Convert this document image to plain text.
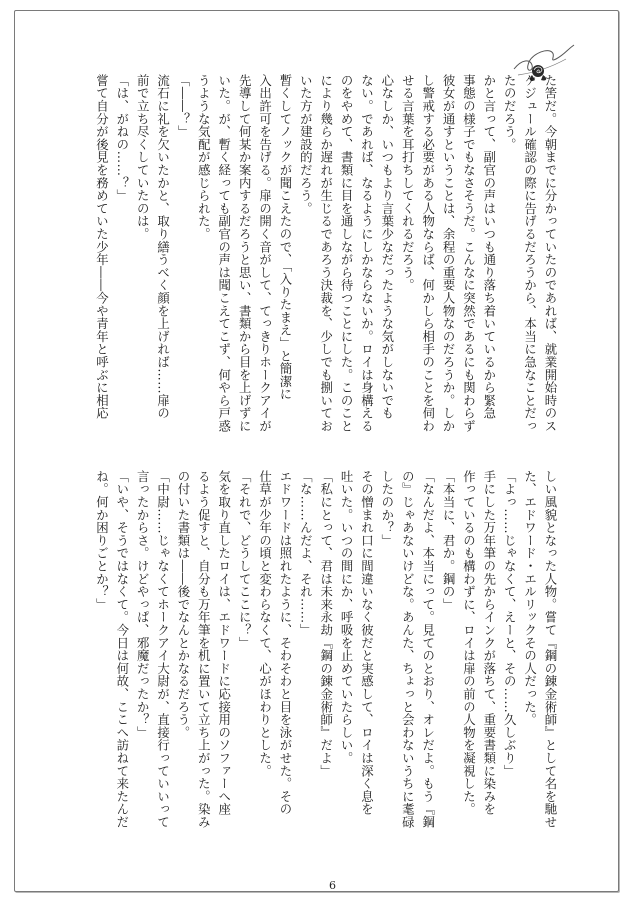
6
た筈だ。今朝までに分かっていたのであれば、就業開始時のス
ケジュール確認の際に告げるだろうから、本当に急なことだっ
たのだろう。
かと言って、副官の声はいつも通り落ち着いているから緊急
事態の様子でもなさそうだ。こんなに突然であるにも関わらず
彼女が通すということは、余程の重要人物なのだろうか。しか
し警戒する必要がある人物ならば、何かしら相手のことを伺わ
せる言葉を耳打ちしてくれるだろう。
心なしか、いつもより言葉少なだったような気がしないでも
ない。であれば、なるようにしかならないか。ロイは身構える
のをやめて、書類に目を通しながら待つことにした。このこと
により幾らか遅れが生じるであろう決裁を、少しでも捌いてお
いた方が建設的だろう。
暫くしてノックが聞こえたので、「入りたまえ」と簡潔に
入出許可を告げる。扉の開く音がして、てっきりホークアイが
先導して何某か案内するだろうと思い、書類から目を上げずに
いた。が、暫く経っても副官の声は聞こえてこず、何やら戸惑
うような気配が感じられた。
「――？」
流石に礼を欠いたかと、取り繕うべく顔を上げれば……扉の
前で立ち尽くしていたのは。
「は、がねの……？」
嘗て自分が後見を務めていた少年――今や青年と呼ぶに相応
しい風貌となった人物。嘗て『鋼の錬金術師』として名を馳せ
た、エドワード・エルリックその人だった。
「よっ……じゃなくて、えーと、その……久しぶり」
手にした万年筆の先からインクが落ちて、重要書類に染みを
作っているのも構わずに、ロイは扉の前の人物を凝視した。
「本当に、君か。鋼の」
「なんだよ、本当にって。見てのとおり、オレだよ。もう『鋼
の』じゃあないけどな。あんた、ちょっと会わないうちに耄碌
したのか？」
その憎まれ口に間違いなく彼だと実感して、ロイは深く息を
吐いた。いつの間にか、呼吸を止めていたらしい。
「私にとって、君は未来永劫『鋼の錬金術師』だよ」
「な……んだよ、それ……」
エドワードは照れたように、そわそわと目を泳がせた。その
仕草が少年の頃と変わらなくて、心がほわりとした。
「それで、どうしてここに？」
気を取り直したロイは、エドワードに応接用のソファーへ座
るよう促すと、自分も万年筆を机に置いて立ち上がった。染み
の付いた書類は――後でなんとかなるだろう。
「中尉……じゃなくてホークアイ大尉が、直接行っていいって
言ったからさ。けどやっぱ、邪魔だったか？」
「いや、そうではなくて。今日は何故、ここへ訪ねて来たんだ
ね。何か困りごとか？」
